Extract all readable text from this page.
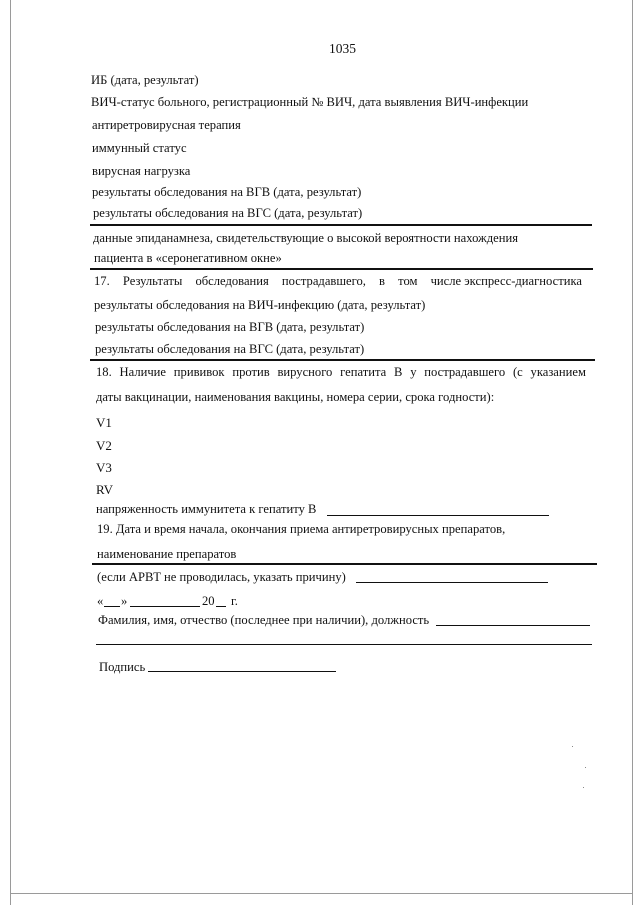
1035
ИБ (дата, результат)
ВИЧ-статус больного, регистрационный № ВИЧ, дата выявления ВИЧ-инфекции
антиретровирусная терапия
иммунный статус
вирусная нагрузка
результаты обследования на ВГВ (дата, результат)
результаты обследования на ВГС (дата, результат)
данные эпиданамнеза, свидетельствующие о высокой вероятности нахождения
пациента в «серонегативном окне»
17. Результаты обследования пострадавшего, в том числе экспресс-диагностика
результаты обследования на ВИЧ-инфекцию (дата, результат)
результаты обследования на ВГВ (дата, результат)
результаты обследования на ВГС (дата, результат)
18. Наличие прививок против вирусного гепатита В у пострадавшего (с указанием
даты вакцинации, наименования вакцины, номера серии, срока годности):
V1
V2
V3
RV
напряженность иммунитета к гепатиту В
19. Дата и время начала, окончания приема антиретровирусных препаратов,
наименование препаратов
(если АРВТ не проводилась, указать причину)
« »	20 г.
Фамилия, имя, отчество (последнее при наличии), должность
Подпись
